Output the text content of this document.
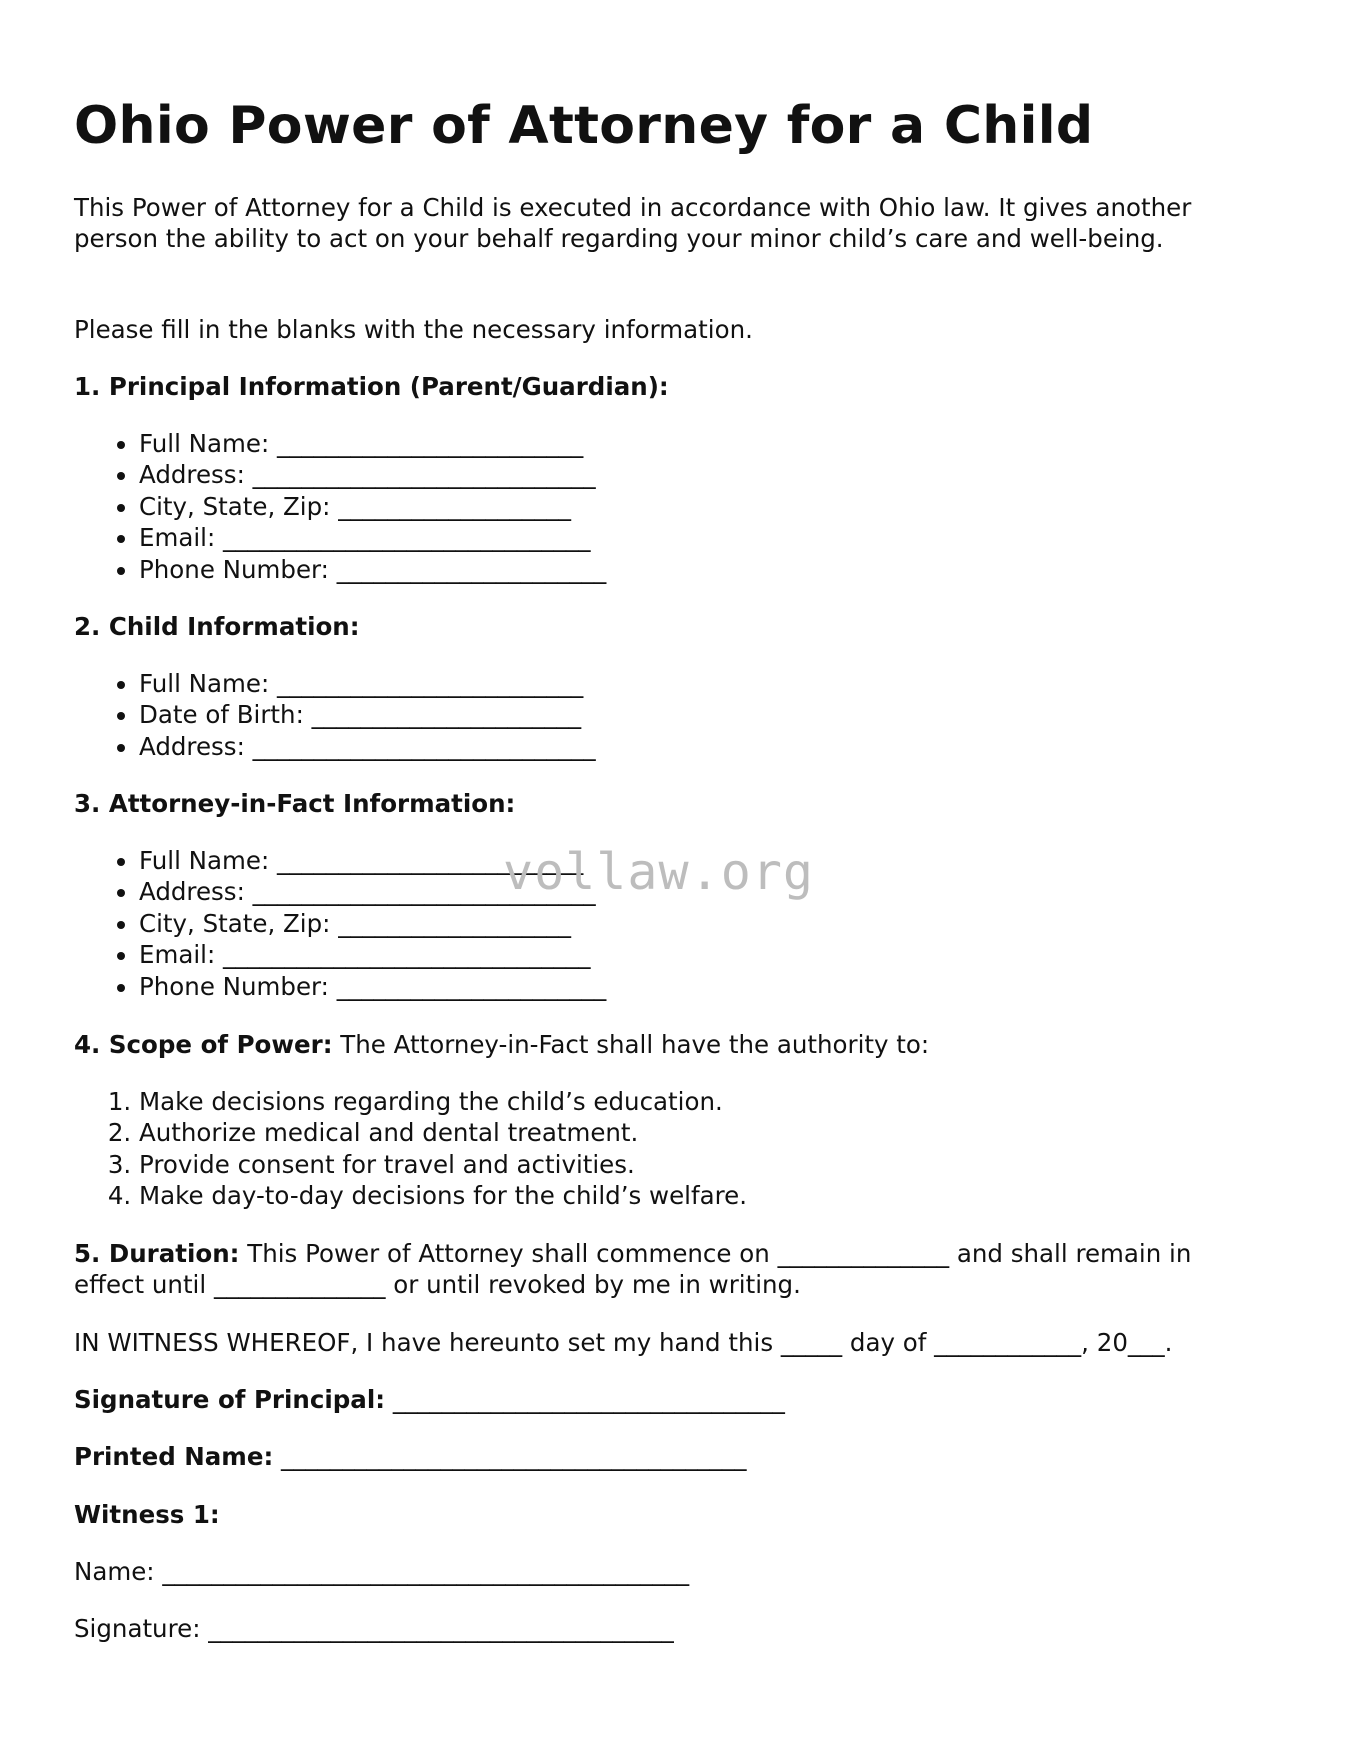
Ohio Power of Attorney for a Child

This Power of Attorney for a Child is executed in accordance with Ohio law. It gives another person the ability to act on your behalf regarding your minor child’s care and well-being.

Please fill in the blanks with the necessary information.

1. Principal Information (Parent/Guardian):

• Full Name: _________________________
• Address: ____________________________
• City, State, Zip: ___________________
• Email: ______________________________
• Phone Number: ______________________

2. Child Information:

• Full Name: _________________________
• Date of Birth: ______________________
• Address: ____________________________

3. Attorney-in-Fact Information:

• Full Name: _________________________
• Address: ____________________________
• City, State, Zip: ___________________
• Email: ______________________________
• Phone Number: ______________________

4. Scope of Power: The Attorney-in-Fact shall have the authority to:

1. Make decisions regarding the child’s education.
2. Authorize medical and dental treatment.
3. Provide consent for travel and activities.
4. Make day-to-day decisions for the child’s welfare.

5. Duration: This Power of Attorney shall commence on ______________ and shall remain in effect until ______________ or until revoked by me in writing.

IN WITNESS WHEREOF, I have hereunto set my hand this _____ day of ____________, 20___.

Signature of Principal: ________________________________

Printed Name: ______________________________________

Witness 1:

Name: ___________________________________________

Signature: ______________________________________

vollaw.org
